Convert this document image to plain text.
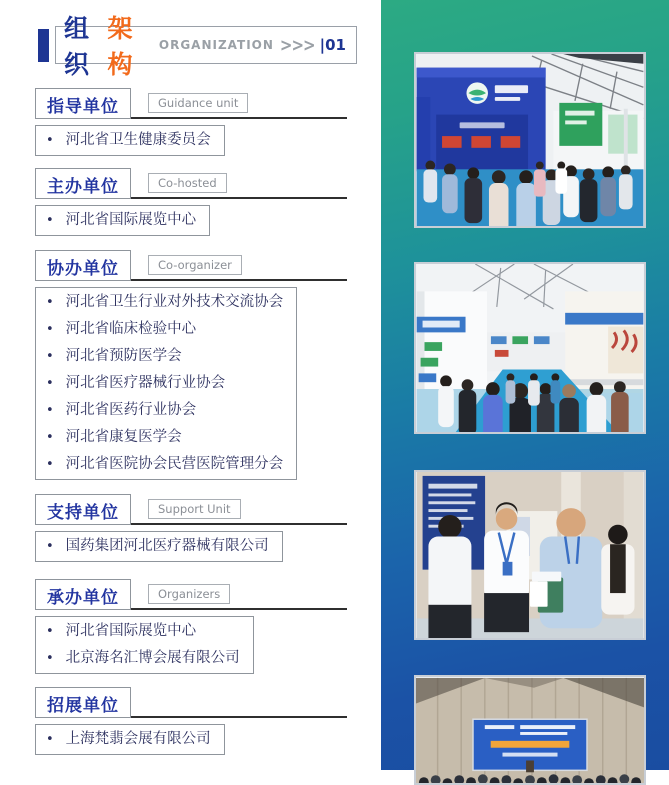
组织
架构
ORGANIZATION >>> |01
指导单位	Guidance unit
• 河北省卫生健康委员会
主办单位	Co-hosted
• 河北省国际展览中心
协办单位	Co-organizer
• 河北省卫生行业对外技术交流协会
• 河北省临床检验中心
• 河北省预防医学会
• 河北省医疗器械行业协会
• 河北省医药行业协会
• 河北省康复医学会
• 河北省医院协会民营医院管理分会
支持单位	Support Unit
• 国药集团河北医疗器械有限公司
承办单位	Organizers
• 河北省国际展览中心
• 北京海名汇博会展有限公司
招展单位
• 上海梵翡会展有限公司
